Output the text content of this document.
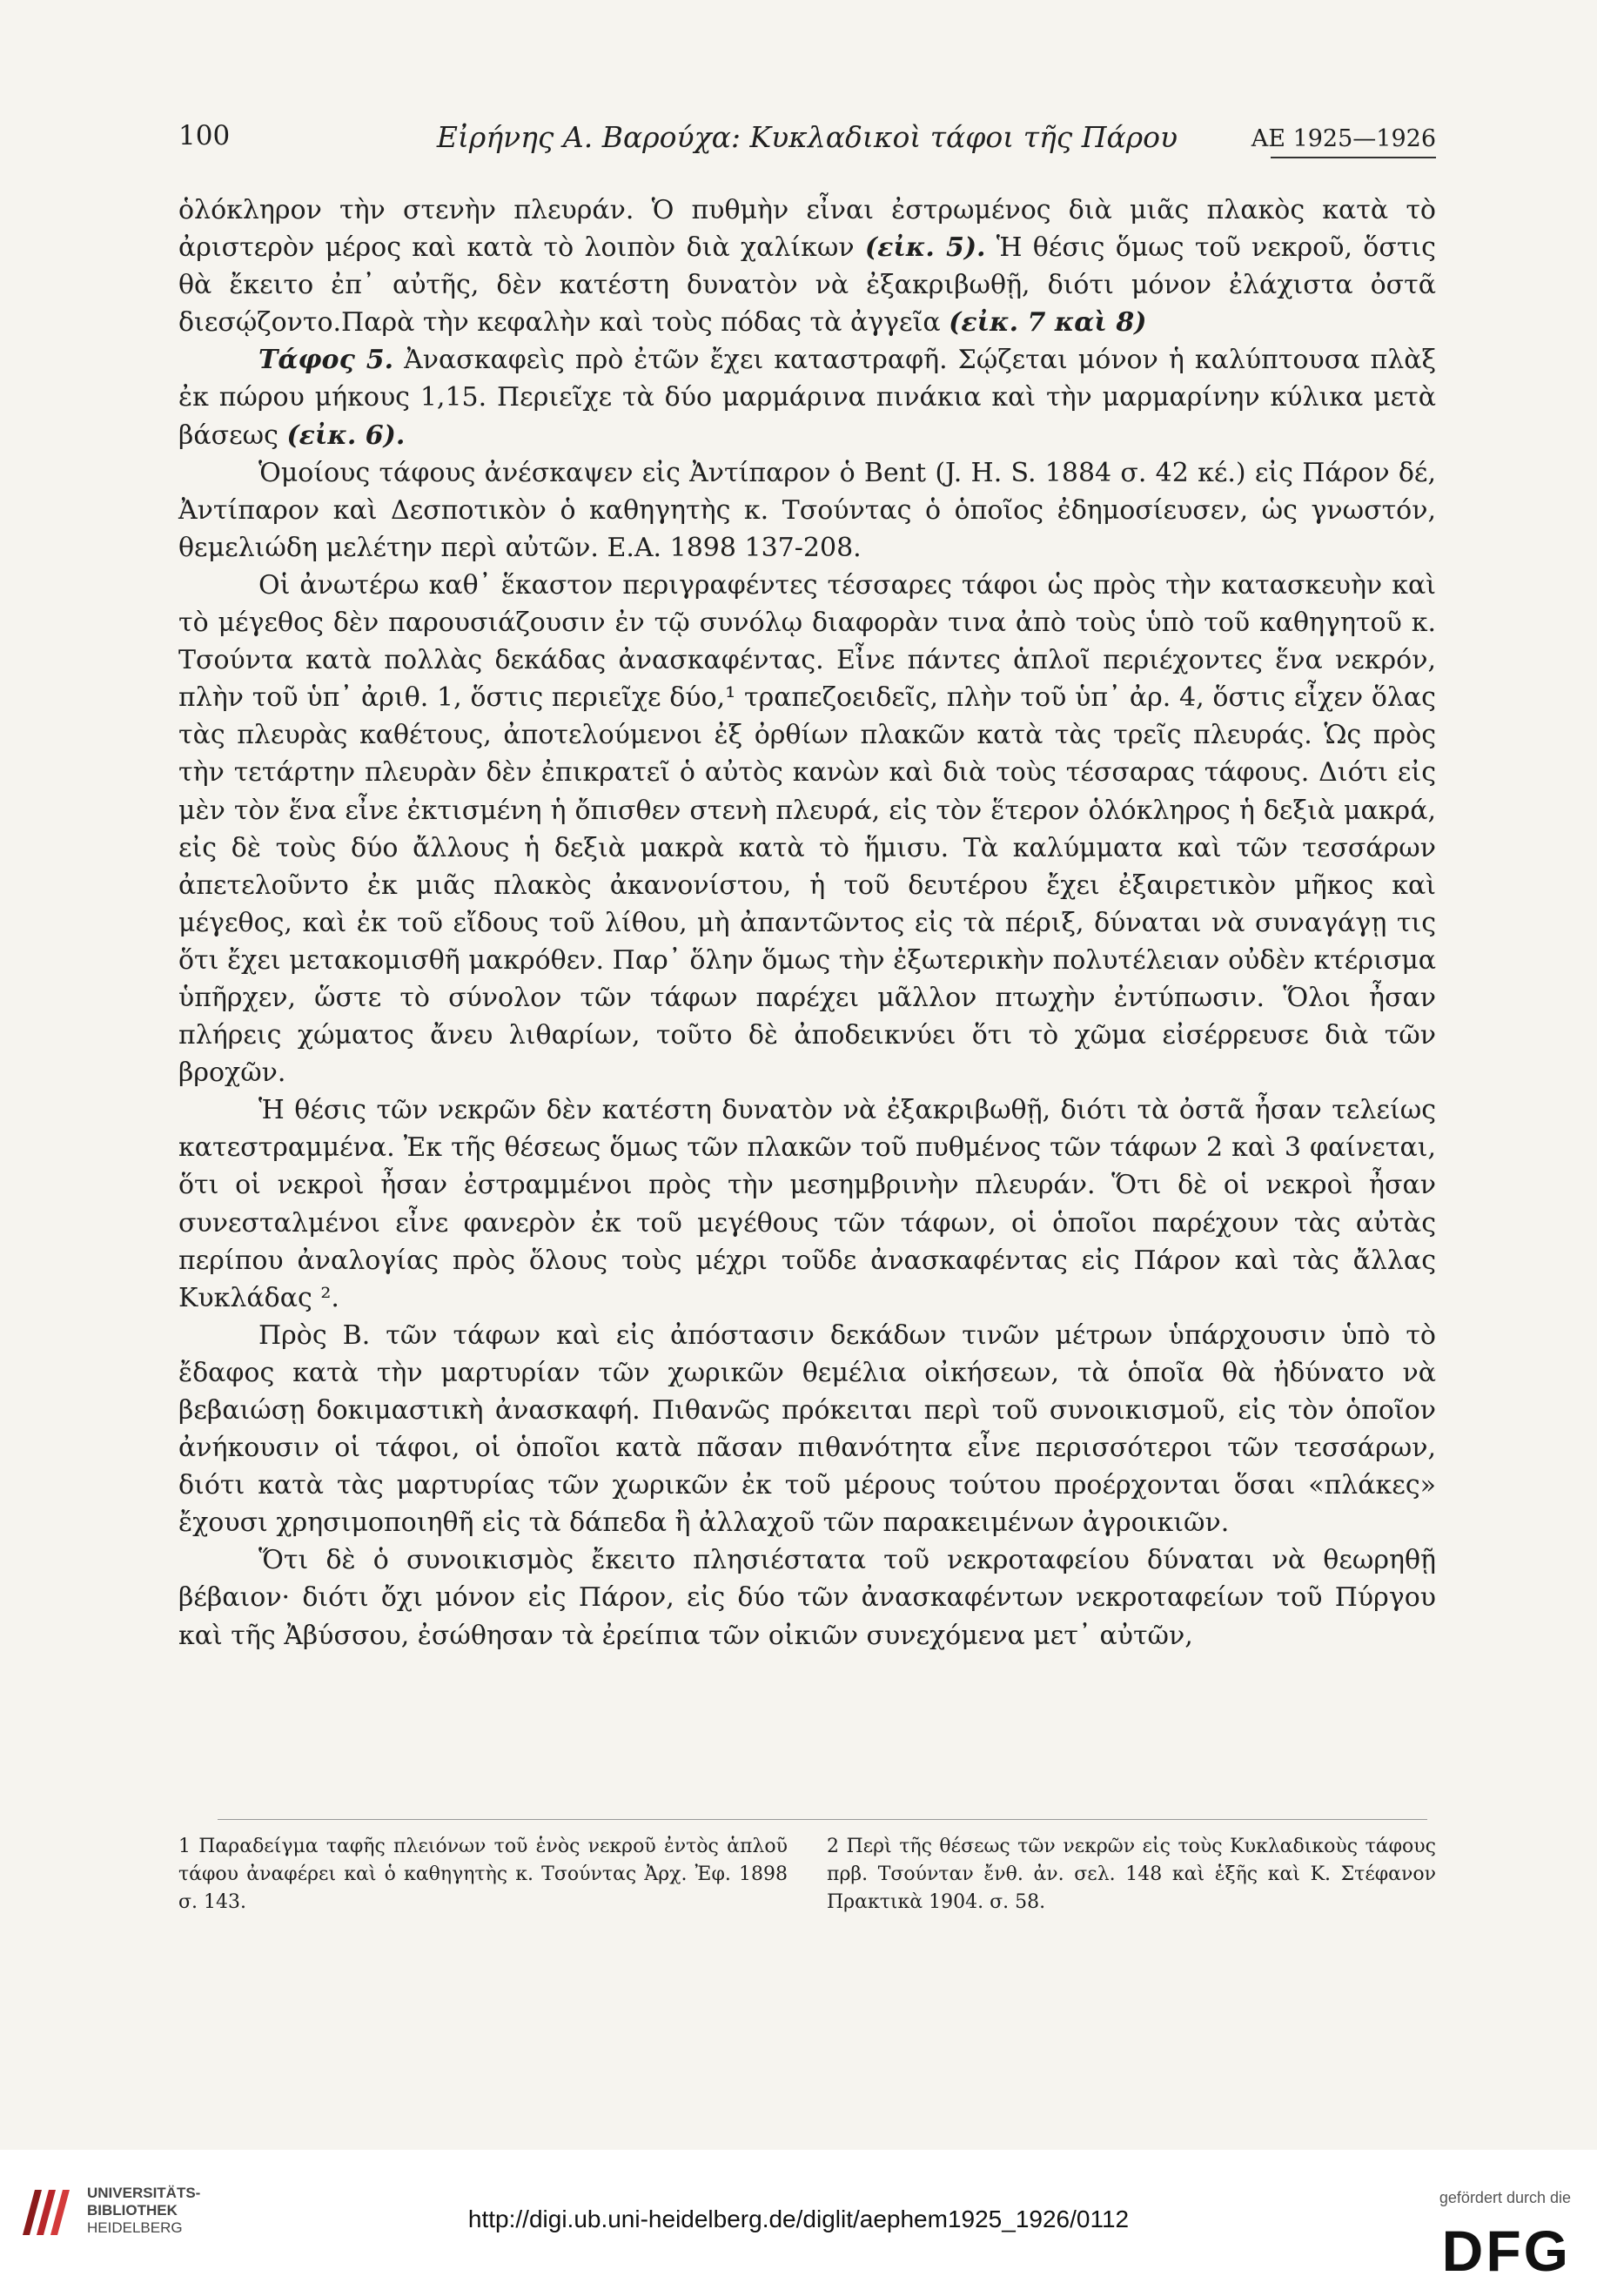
100	Εἰρήνης Α. Βαρούχα: Κυκλαδικοὶ τάφοι τῆς Πάρου	ΑΕ 1925—1926

ὁλόκληρον τὴν στενὴν πλευράν. Ὁ πυθμὴν εἶναι ἐστρωμένος διὰ μιᾶς πλακὸς κατὰ τὸ ἀριστερὸν μέρος καὶ κατὰ τὸ λοιπὸν διὰ χαλίκων (εἰκ. 5). Ἡ θέσις ὅμως τοῦ νεκροῦ, ὅστις θὰ ἔκειτο ἐπ᾽ αὐτῆς, δὲν κατέστη δυνατὸν νὰ ἐξακριβωθῇ, διότι μόνον ἐλάχιστα ὀστᾶ διεσῴζοντο.Παρὰ τὴν κεφαλὴν καὶ τοὺς πόδας τὰ ἀγγεῖα (εἰκ. 7 καὶ 8)

Τάφος 5. Ἀνασκαφεὶς πρὸ ἐτῶν ἔχει καταστραφῆ. Σῴζεται μόνον ἡ καλύπτουσα πλὰξ ἐκ πώρου μήκους 1,15. Περιεῖχε τὰ δύο μαρμάρινα πινάκια καὶ τὴν μαρμαρίνην κύλικα μετὰ βάσεως (εἰκ. 6).

Ὁμοίους τάφους ἀνέσκαψεν εἰς Ἀντίπαρον ὁ Bent (J. H. S. 1884 σ. 42 κέ.) εἰς Πάρον δέ, Ἀντίπαρον καὶ Δεσποτικὸν ὁ καθηγητὴς κ. Τσούντας ὁ ὁποῖος ἐδημοσίευσεν, ὡς γνωστόν, θεμελιώδη μελέτην περὶ αὐτῶν. Ε.Α. 1898 137-208.

Οἱ ἀνωτέρω καθ᾽ ἕκαστον περιγραφέντες τέσσαρες τάφοι ὡς πρὸς τὴν κατασκευὴν καὶ τὸ μέγεθος δὲν παρουσιάζουσιν ἐν τῷ συνόλῳ διαφορὰν τινα ἀπὸ τοὺς ὑπὸ τοῦ καθηγητοῦ κ. Τσούντα κατὰ πολλὰς δεκάδας ἀνασκαφέντας. Εἶνε πάντες ἁπλοῖ περιέχοντες ἕνα νεκρόν, πλὴν τοῦ ὑπ᾽ ἀριθ. 1, ὅστις περιεῖχε δύο,¹ τραπεζοειδεῖς, πλὴν τοῦ ὑπ᾽ ἀρ. 4, ὅστις εἶχεν ὅλας τὰς πλευρὰς καθέτους, ἀποτελούμενοι ἐξ ὀρθίων πλακῶν κατὰ τὰς τρεῖς πλευράς. Ὡς πρὸς τὴν τετάρτην πλευρὰν δὲν ἐπικρατεῖ ὁ αὐτὸς κανὼν καὶ διὰ τοὺς τέσσαρας τάφους. Διότι εἰς μὲν τὸν ἕνα εἶνε ἐκτισμένη ἡ ὄπισθεν στενὴ πλευρά, εἰς τὸν ἕτερον ὁλόκληρος ἡ δεξιὰ μακρά, εἰς δὲ τοὺς δύο ἄλλους ἡ δεξιὰ μακρὰ κατὰ τὸ ἥμισυ. Τὰ καλύμματα καὶ τῶν τεσσάρων ἀπετελοῦντο ἐκ μιᾶς πλακὸς ἀκανονίστου, ἡ τοῦ δευτέρου ἔχει ἐξαιρετικὸν μῆκος καὶ μέγεθος, καὶ ἐκ τοῦ εἴδους τοῦ λίθου, μὴ ἀπαντῶντος εἰς τὰ πέριξ, δύναται νὰ συναγάγῃ τις ὅτι ἔχει μετακομισθῆ μακρόθεν. Παρ᾽ ὅλην ὅμως τὴν ἐξωτερικὴν πολυτέλειαν οὐδὲν κτέρισμα ὑπῆρχεν, ὥστε τὸ σύνολον τῶν τάφων παρέχει μᾶλλον πτωχὴν ἐντύπωσιν. Ὅλοι ἦσαν πλήρεις χώματος ἄνευ λιθαρίων, τοῦτο δὲ ἀποδεικνύει ὅτι τὸ χῶμα εἰσέρρευσε διὰ τῶν βροχῶν.

Ἡ θέσις τῶν νεκρῶν δὲν κατέστη δυνατὸν νὰ ἐξακριβωθῇ, διότι τὰ ὀστᾶ ἦσαν τελείως κατεστραμμένα. Ἐκ τῆς θέσεως ὅμως τῶν πλακῶν τοῦ πυθμένος τῶν τάφων 2 καὶ 3 φαίνεται, ὅτι οἱ νεκροὶ ἦσαν ἐστραμμένοι πρὸς τὴν μεσημβρινὴν πλευράν. Ὅτι δὲ οἱ νεκροὶ ἦσαν συνεσταλμένοι εἶνε φανερὸν ἐκ τοῦ μεγέθους τῶν τάφων, οἱ ὁποῖοι παρέχουν τὰς αὐτὰς περίπου ἀναλογίας πρὸς ὅλους τοὺς μέχρι τοῦδε ἀνασκαφέντας εἰς Πάρον καὶ τὰς ἄλλας Κυκλάδας ².

Πρὸς Β. τῶν τάφων καὶ εἰς ἀπόστασιν δεκάδων τινῶν μέτρων ὑπάρχουσιν ὑπὸ τὸ ἔδαφος κατὰ τὴν μαρτυρίαν τῶν χωρικῶν θεμέλια οἰκήσεων, τὰ ὁποῖα θὰ ἠδύνατο νὰ βεβαιώσῃ δοκιμαστικὴ ἀνασκαφή. Πιθανῶς πρόκειται περὶ τοῦ συνοικισμοῦ, εἰς τὸν ὁποῖον ἀνήκουσιν οἱ τάφοι, οἱ ὁποῖοι κατὰ πᾶσαν πιθανότητα εἶνε περισσότεροι τῶν τεσσάρων, διότι κατὰ τὰς μαρτυρίας τῶν χωρικῶν ἐκ τοῦ μέρους τούτου προέρχονται ὅσαι «πλάκες» ἔχουσι χρησιμοποιηθῆ εἰς τὰ δάπεδα ἢ ἀλλαχοῦ τῶν παρακειμένων ἀγροικιῶν.

Ὅτι δὲ ὁ συνοικισμὸς ἔκειτο πλησιέστατα τοῦ νεκροταφείου δύναται νὰ θεωρηθῇ βέβαιον· διότι ὄχι μόνον εἰς Πάρον, εἰς δύο τῶν ἀνασκαφέντων νεκροταφείων τοῦ Πύργου καὶ τῆς Ἀβύσσου, ἐσώθησαν τὰ ἐρείπια τῶν οἰκιῶν συνεχόμενα μετ᾽ αὐτῶν,

1 Παραδείγμα ταφῆς πλειόνων τοῦ ἑνὸς νεκροῦ ἐντὸς ἁπλοῦ τάφου ἀναφέρει καὶ ὁ καθηγητὴς κ. Τσούντας Ἀρχ. Ἐφ. 1898 σ. 143.
2 Περὶ τῆς θέσεως τῶν νεκρῶν εἰς τοὺς Κυκλαδικοὺς τάφους πρβ. Τσούνταν ἔνθ. ἀν. σελ. 148 καὶ ἑξῆς καὶ Κ. Στέφανον Πρακτικὰ 1904. σ. 58.
UNIVERSITÄTS-
BIBLIOTHEK
HEIDELBERG	http://digi.ub.uni-heidelberg.de/diglit/aephem1925_1926/0112
gefördert durch die
DFG
